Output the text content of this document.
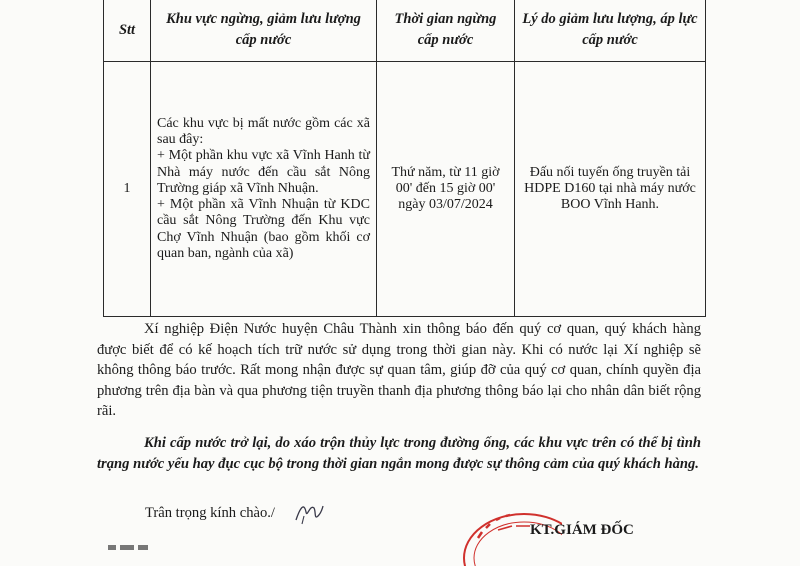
Stt	Khu vực ngừng, giảm lưu lượng cấp nước	Thời gian ngừng cấp nước	Lý do giảm lưu lượng, áp lực cấp nước
1	Các khu vực bị mất nước gồm các xã sau đây:
+ Một phần khu vực xã Vĩnh Hanh từ Nhà máy nước đến cầu sắt Nông Trường giáp xã Vĩnh Nhuận.
+ Một phần xã Vĩnh Nhuận từ KDC cầu sắt Nông Trường đến Khu vực Chợ Vĩnh Nhuận (bao gồm khối cơ quan ban, ngành của xã)	Thứ năm, từ 11 giờ 00' đến 15 giờ 00' ngày 03/07/2024	Đấu nối tuyến ống truyền tải HDPE D160 tại nhà máy nước BOO Vĩnh Hanh.

Xí nghiệp Điện Nước huyện Châu Thành xin thông báo đến quý cơ quan, quý khách hàng được biết để có kế hoạch tích trữ nước sử dụng trong thời gian này. Khi có nước lại Xí nghiệp sẽ không thông báo trước. Rất mong nhận được sự quan tâm, giúp đỡ của quý cơ quan, chính quyền địa phương trên địa bàn và qua phương tiện truyền thanh địa phương thông báo lại cho nhân dân biết rộng rãi.

Khi cấp nước trở lại, do xáo trộn thủy lực trong đường ống, các khu vực trên có thể bị tình trạng nước yếu hay đục cục bộ trong thời gian ngắn mong được sự thông cảm của quý khách hàng.

Trân trọng kính chào./
KT.GIÁM ĐỐC
